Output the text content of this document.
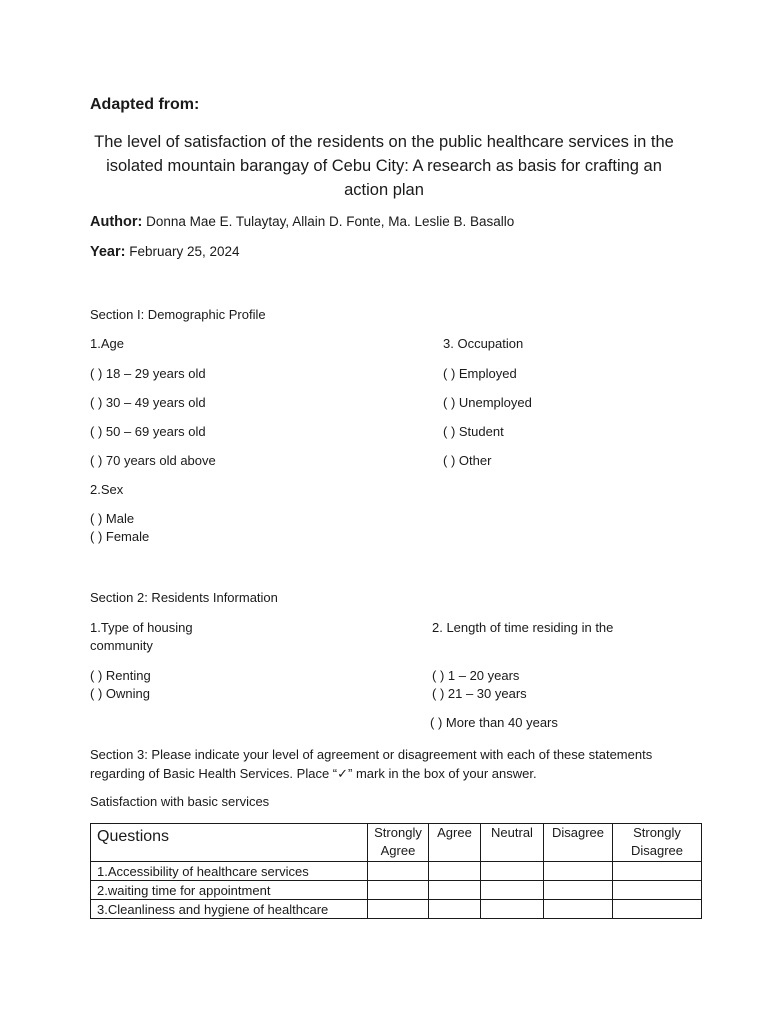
Adapted from:
The level of satisfaction of the residents on the public healthcare services in the isolated mountain barangay of Cebu City: A research as basis for crafting an action plan
Author: Donna Mae E. Tulaytay, Allain D. Fonte, Ma. Leslie B. Basallo
Year: February 25, 2024
Section I: Demographic Profile
1.Age
( ) 18 – 29 years old
( ) 30 – 49 years old
( ) 50 – 69 years old
( ) 70 years old above
3. Occupation
( ) Employed
( ) Unemployed
( ) Student
( ) Other
2.Sex
( ) Male
( ) Female
Section 2: Residents Information
1.Type of housing community
( ) Renting
( ) Owning
2. Length of time residing in the
( ) 1 – 20 years
( ) 21 – 30 years
( ) More than 40 years
Section 3: Please indicate your level of agreement or disagreement with each of these statements regarding of Basic Health Services. Place “✓” mark in the box of your answer.
Satisfaction with basic services
Questions	Strongly Agree	Agree	Neutral	Disagree	Strongly Disagree
1.Accessibility of healthcare services					
2.waiting time for appointment					
3.Cleanliness and hygiene of healthcare					
